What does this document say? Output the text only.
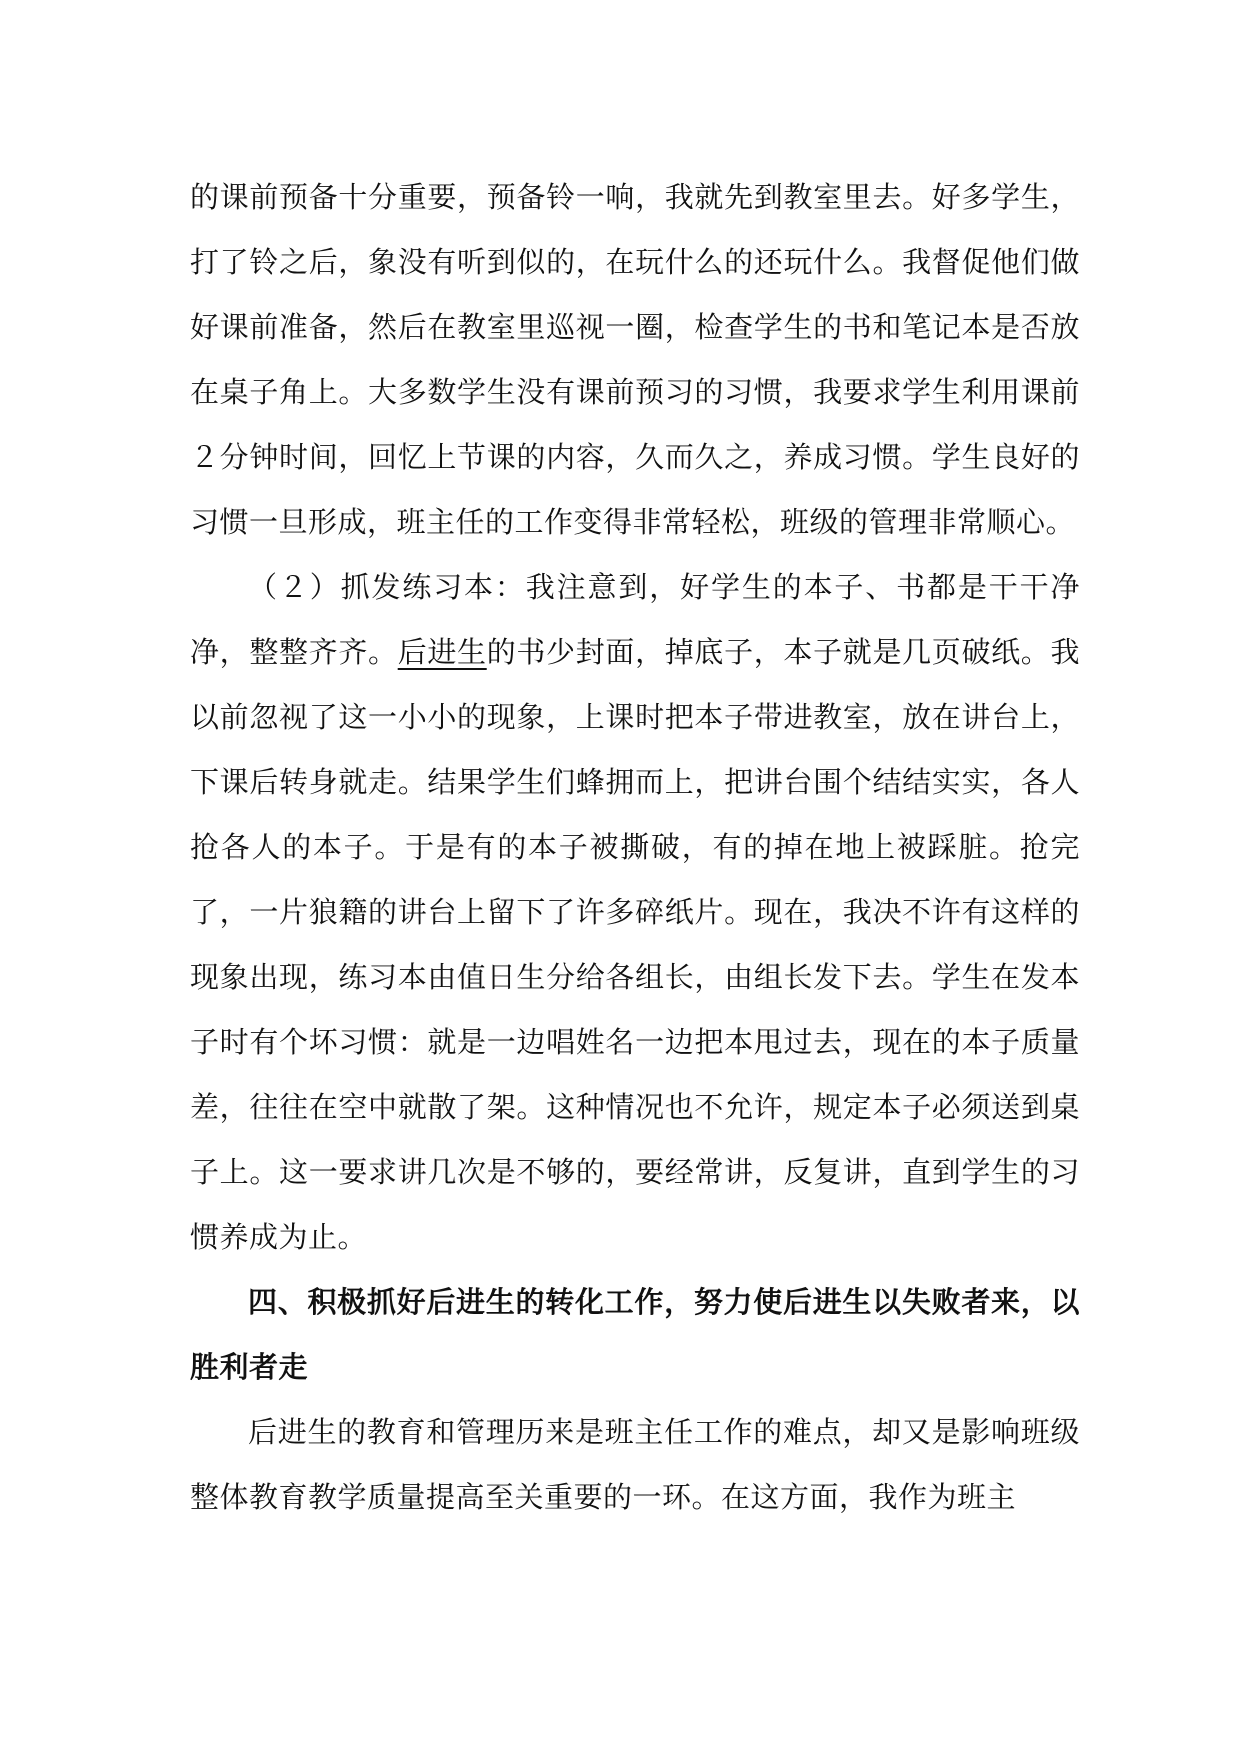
的课前预备十分重要，预备铃一响，我就先到教室里去。好多学生，打了铃之后，象没有听到似的，在玩什么的还玩什么。我督促他们做好课前准备，然后在教室里巡视一圈，检查学生的书和笔记本是否放在桌子角上。大多数学生没有课前预习的习惯，我要求学生利用课前２分钟时间，回忆上节课的内容，久而久之，养成习惯。学生良好的习惯一旦形成，班主任的工作变得非常轻松，班级的管理非常顺心。

（２）抓发练习本：我注意到，好学生的本子、书都是干干净净，整整齐齐。后进生的书少封面，掉底子，本子就是几页破纸。我以前忽视了这一小小的现象，上课时把本子带进教室，放在讲台上，下课后转身就走。结果学生们蜂拥而上，把讲台围个结结实实，各人抢各人的本子。于是有的本子被撕破，有的掉在地上被踩脏。抢完了，一片狼籍的讲台上留下了许多碎纸片。现在，我决不许有这样的现象出现，练习本由值日生分给各组长，由组长发下去。学生在发本子时有个坏习惯：就是一边唱姓名一边把本甩过去，现在的本子质量差，往往在空中就散了架。这种情况也不允许，规定本子必须送到桌子上。这一要求讲几次是不够的，要经常讲，反复讲，直到学生的习惯养成为止。

四、积极抓好后进生的转化工作，努力使后进生以失败者来，以胜利者走

后进生的教育和管理历来是班主任工作的难点，却又是影响班级整体教育教学质量提高至关重要的一环。在这方面，我作为班主
